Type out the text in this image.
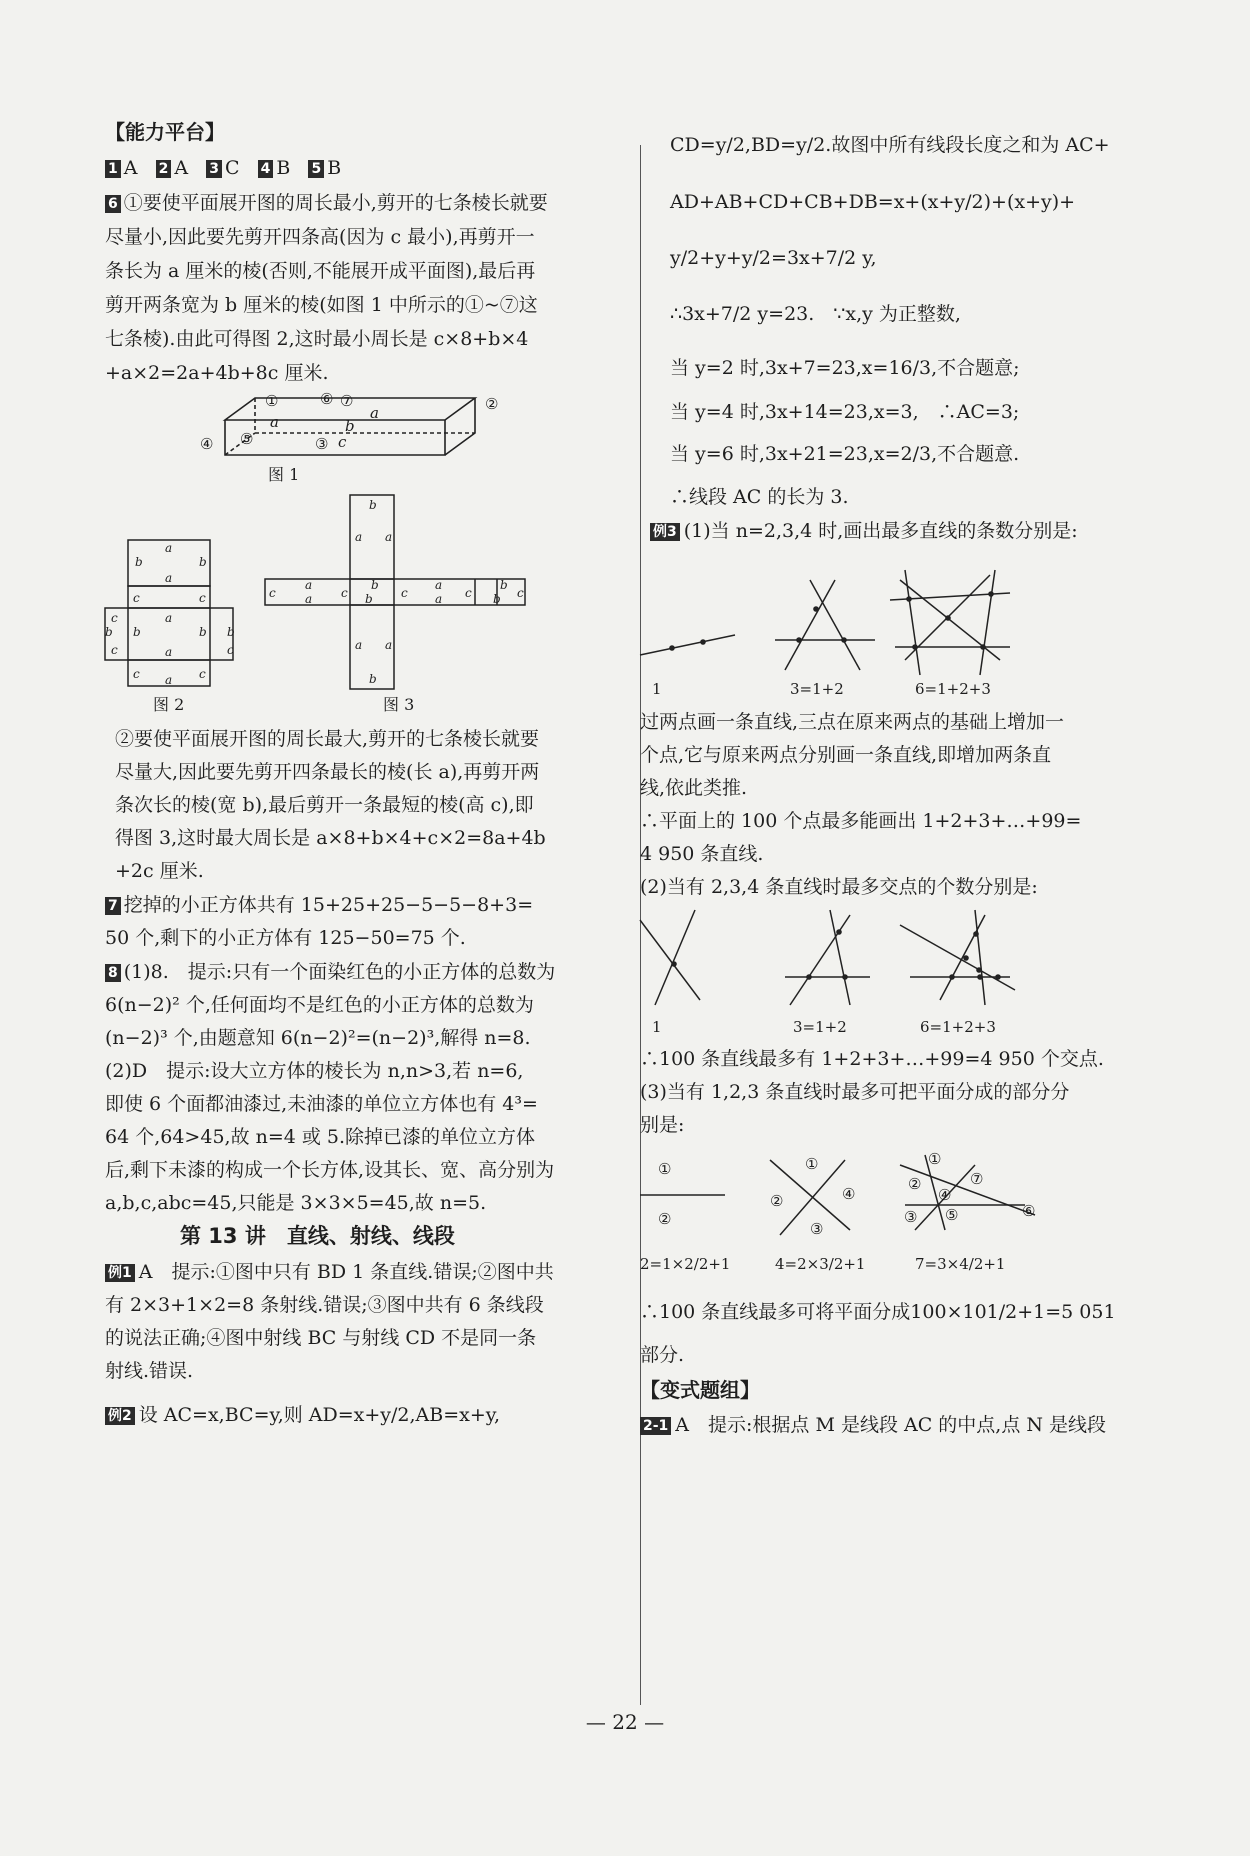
【能力平台】
1 A 2 A 3 C 4 B 5 B
6 ①要使平面展开图的周长最小,剪开的七条棱长就要
尽量小,因此要先剪开四条高(因为 c 最小),再剪开一
条长为 a 厘米的棱(否则,不能展开成平面图),最后再
剪开两条宽为 b 厘米的棱(如图 1 中所示的①~⑦这
七条棱).由此可得图 2,这时最小周长是 c×8+b×4
+a×2=2a+4b+8c 厘米.
⑥
①	⑦	②
④ ⑤	③
a	b
a
c
图 1
a
b	b
a
c	c
c
b b
a
b b
c	c
a
c a c
图 2
b
a a
c
a
a c
b
b c
a
a c
b
b c
a a
b
图 3
②要使平面展开图的周长最大,剪开的七条棱长就要
尽量大,因此要先剪开四条最长的棱(长 a),再剪开两
条次长的棱(宽 b),最后剪开一条最短的棱(高 c),即
得图 3,这时最大周长是 a×8+b×4+c×2=8a+4b
+2c 厘米.
7 挖掉的小正方体共有 15+25+25−5−5−8+3=
50 个,剩下的小正方体有 125−50=75 个.
8 (1)8.　提示:只有一个面染红色的小正方体的总数为
6(n−2)² 个,任何面均不是红色的小正方体的总数为
(n−2)³ 个,由题意知 6(n−2)²=(n−2)³,解得 n=8.
(2)D　提示:设大立方体的棱长为 n,n>3,若 n=6,
即使 6 个面都油漆过,未油漆的单位立方体也有 4³=
64 个,64>45,故 n=4 或 5.除掉已漆的单位立方体
后,剩下未漆的构成一个长方体,设其长、宽、高分别为
a,b,c,abc=45,只能是 3×3×5=45,故 n=5.
第 13 讲　直线、射线、线段
例1 A　提示:①图中只有 BD 1 条直线.错误;②图中共
有 2×3+1×2=8 条射线.错误;③图中共有 6 条线段
的说法正确;④图中射线 BC 与射线 CD 不是同一条
射线.错误.
例2 设 AC=x,BC=y,则 AD=x+y/2,AB=x+y,
CD=y/2,BD=y/2.故图中所有线段长度之和为 AC+
AD+AB+CD+CB+DB=x+(x+y/2)+(x+y)+
y/2+y+y/2=3x+7/2 y,
∴3x+7/2 y=23.　∵x,y 为正整数,
当 y=2 时,3x+7=23,x=16/3,不合题意;
当 y=4 时,3x+14=23,x=3,　∴AC=3;
当 y=6 时,3x+21=23,x=2/3,不合题意.
∴线段 AC 的长为 3.
例3 (1)当 n=2,3,4 时,画出最多直线的条数分别是:
1	3=1+2	6=1+2+3
过两点画一条直线,三点在原来两点的基础上增加一
个点,它与原来两点分别画一条直线,即增加两条直
线,依此类推.
∴平面上的 100 个点最多能画出 1+2+3+…+99=
4 950 条直线.
(2)当有 2,3,4 条直线时最多交点的个数分别是:
1	3=1+2	6=1+2+3
∴100 条直线最多有 1+2+3+…+99=4 950 个交点.
(3)当有 1,2,3 条直线时最多可把平面分成的部分分
别是:
①
②
①
②
③
④
①
②
③
④
⑤	⑥
⑦
2=1×2/2+1	4=2×3/2+1	7=3×4/2+1
∴100 条直线最多可将平面分成100×101/2+1=5 051
部分.
【变式题组】
2-1 A　提示:根据点 M 是线段 AC 的中点,点 N 是线段
— 22 —
